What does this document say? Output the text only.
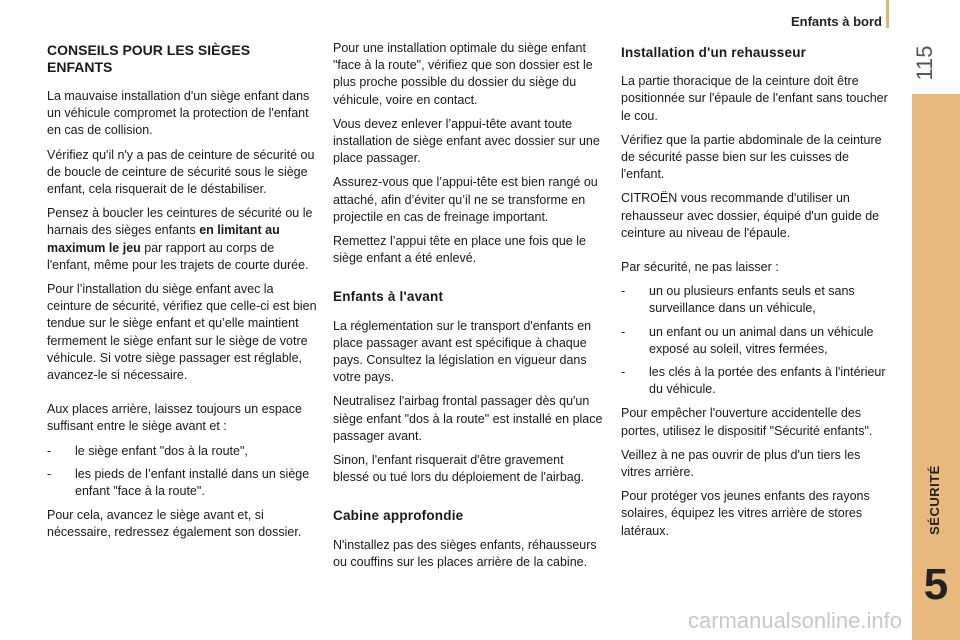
Enfants à bord
115
SÉCURITÉ
5
CONSEILS POUR LES SIÈGES ENFANTS

La mauvaise installation d'un siège enfant dans un véhicule compromet la protection de l'enfant en cas de collision.

Vérifiez qu'il n'y a pas de ceinture de sécurité ou de boucle de ceinture de sécurité sous le siège enfant, cela risquerait de le déstabiliser.

Pensez à boucler les ceintures de sécurité ou le harnais des sièges enfants en limitant au maximum le jeu par rapport au corps de l'enfant, même pour les trajets de courte durée.

Pour l’installation du siège enfant avec la ceinture de sécurité, vérifiez que celle-ci est bien tendue sur le siège enfant et qu’elle maintient fermement le siège enfant sur le siège de votre véhicule. Si votre siège passager est réglable, avancez-le si nécessaire.

Aux places arrière, laissez toujours un espace suffisant entre le siège avant et :

- le siège enfant "dos à la route",
- les pieds de l’enfant installé dans un siège enfant "face à la route".

Pour cela, avancez le siège avant et, si nécessaire, redressez également son dossier.

Pour une installation optimale du siège enfant "face à la route", vérifiez que son dossier est le plus proche possible du dossier du siège du véhicule, voire en contact.

Vous devez enlever l’appui-tête avant toute installation de siège enfant avec dossier sur une place passager.

Assurez-vous que l’appui-tête est bien rangé ou attaché, afin d’éviter qu’il ne se transforme en projectile en cas de freinage important.

Remettez l’appui tête en place une fois que le siège enfant a été enlevé.

Enfants à l'avant

La réglementation sur le transport d'enfants en place passager avant est spécifique à chaque pays. Consultez la législation en vigueur dans votre pays.

Neutralisez l'airbag frontal passager dès qu'un siège enfant "dos à la route" est installé en place passager avant.

Sinon, l'enfant risquerait d'être gravement blessé ou tué lors du déploiement de l'airbag.

Cabine approfondie

N'installez pas des sièges enfants, réhausseurs ou couffins sur les places arrière de la cabine.

Installation d'un rehausseur

La partie thoracique de la ceinture doit être positionnée sur l'épaule de l'enfant sans toucher le cou.

Vérifiez que la partie abdominale de la ceinture de sécurité passe bien sur les cuisses de l'enfant.

CITROËN vous recommande d'utiliser un rehausseur avec dossier, équipé d'un guide de ceinture au niveau de l'épaule.

Par sécurité, ne pas laisser :

- un ou plusieurs enfants seuls et sans surveillance dans un véhicule,
- un enfant ou un animal dans un véhicule exposé au soleil, vitres fermées,
- les clés à la portée des enfants à l'intérieur du véhicule.

Pour empêcher l'ouverture accidentelle des portes, utilisez le dispositif "Sécurité enfants".

Veillez à ne pas ouvrir de plus d'un tiers les vitres arrière.

Pour protéger vos jeunes enfants des rayons solaires, équipez les vitres arrière de stores latéraux.

carmanualsonline.info
